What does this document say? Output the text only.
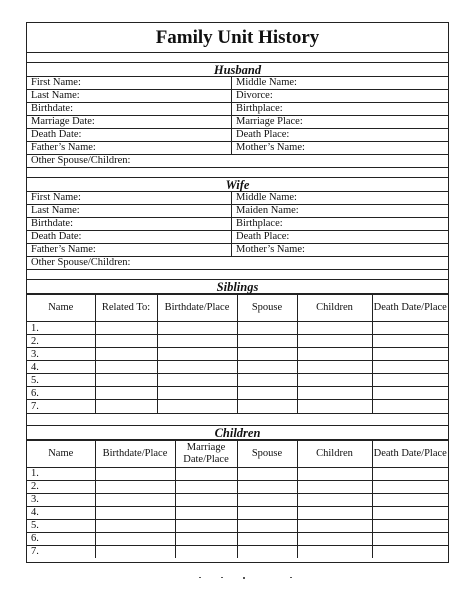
Family Unit History
Husband
First Name:	Middle Name:
Last Name:	Divorce:
Birthdate:	Birthplace:
Marriage Date:	Marriage Place:
Death Date:	Death Place:
Father’s Name:	Mother’s Name:
Other Spouse/Children:
Wife
First Name:	Middle Name:
Last Name:	Maiden Name:
Birthdate:	Birthplace:
Death Date:	Death Place:
Father’s Name:	Mother’s Name:
Other Spouse/Children:
Siblings
Name	Related To:	Birthdate/Place	Spouse	Children	Death Date/Place
1.					
2.					
3.					
4.					
5.					
6.					
7.					
Children
Name	Birthdate/Place	Marriage Date/Place	Spouse	Children	Death Date/Place
1.					
2.					
3.					
4.					
5.					
6.					
7.					
